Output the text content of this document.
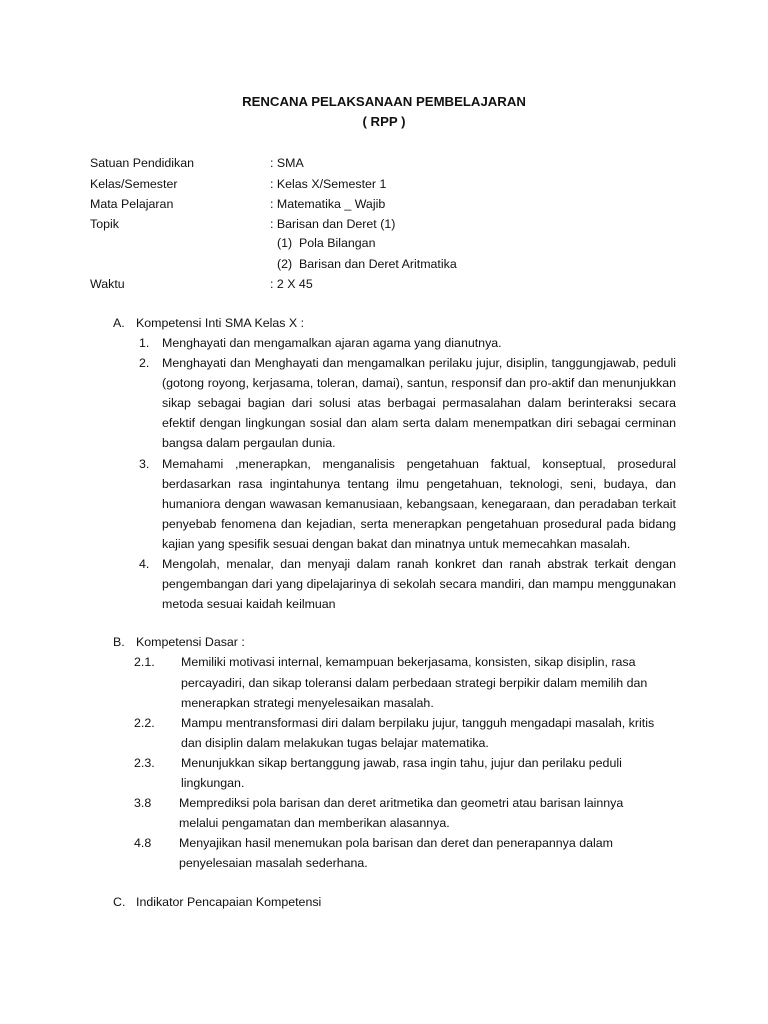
RENCANA PELAKSANAAN PEMBELAJARAN
( RPP )
Satuan Pendidikan	: SMA
Kelas/Semester	: Kelas X/Semester 1
Mata Pelajaran	: Matematika _ Wajib
Topik	: Barisan dan Deret (1)
(1) Pola Bilangan
(2) Barisan dan Deret Aritmatika
Waktu	: 2 X 45
A. Kompetensi Inti SMA Kelas X :
1. Menghayati dan mengamalkan ajaran agama yang dianutnya.
2. Menghayati dan Menghayati dan mengamalkan perilaku jujur, disiplin, tanggungjawab, peduli (gotong royong, kerjasama, toleran, damai), santun, responsif dan pro-aktif dan menunjukkan sikap sebagai bagian dari solusi atas berbagai permasalahan dalam berinteraksi secara efektif dengan lingkungan sosial dan alam serta dalam menempatkan diri sebagai cerminan bangsa dalam pergaulan dunia.
3. Memahami ,menerapkan, menganalisis pengetahuan faktual, konseptual, prosedural berdasarkan rasa ingintahunya tentang ilmu pengetahuan, teknologi, seni, budaya, dan humaniora dengan wawasan kemanusiaan, kebangsaan, kenegaraan, dan peradaban terkait penyebab fenomena dan kejadian, serta menerapkan pengetahuan prosedural pada bidang kajian yang spesifik sesuai dengan bakat dan minatnya untuk memecahkan masalah.
4. Mengolah, menalar, dan menyaji dalam ranah konkret dan ranah abstrak terkait dengan pengembangan dari yang dipelajarinya di sekolah secara mandiri, dan mampu menggunakan metoda sesuai kaidah keilmuan
B. Kompetensi Dasar :
2.1. Memiliki motivasi internal, kemampuan bekerjasama, konsisten, sikap disiplin, rasa
percayadiri, dan sikap toleransi dalam perbedaan strategi berpikir dalam memilih dan
menerapkan strategi menyelesaikan masalah.
2.2. Mampu mentransformasi diri dalam berpilaku jujur, tangguh mengadapi masalah, kritis
dan disiplin dalam melakukan tugas belajar matematika.
2.3. Menunjukkan sikap bertanggung jawab, rasa ingin tahu, jujur dan perilaku peduli
lingkungan.
3.8 Memprediksi pola barisan dan deret aritmetika dan geometri atau barisan lainnya
melalui pengamatan dan memberikan alasannya.
4.8 Menyajikan hasil menemukan pola barisan dan deret dan penerapannya dalam
penyelesaian masalah sederhana.
C. Indikator Pencapaian Kompetensi
